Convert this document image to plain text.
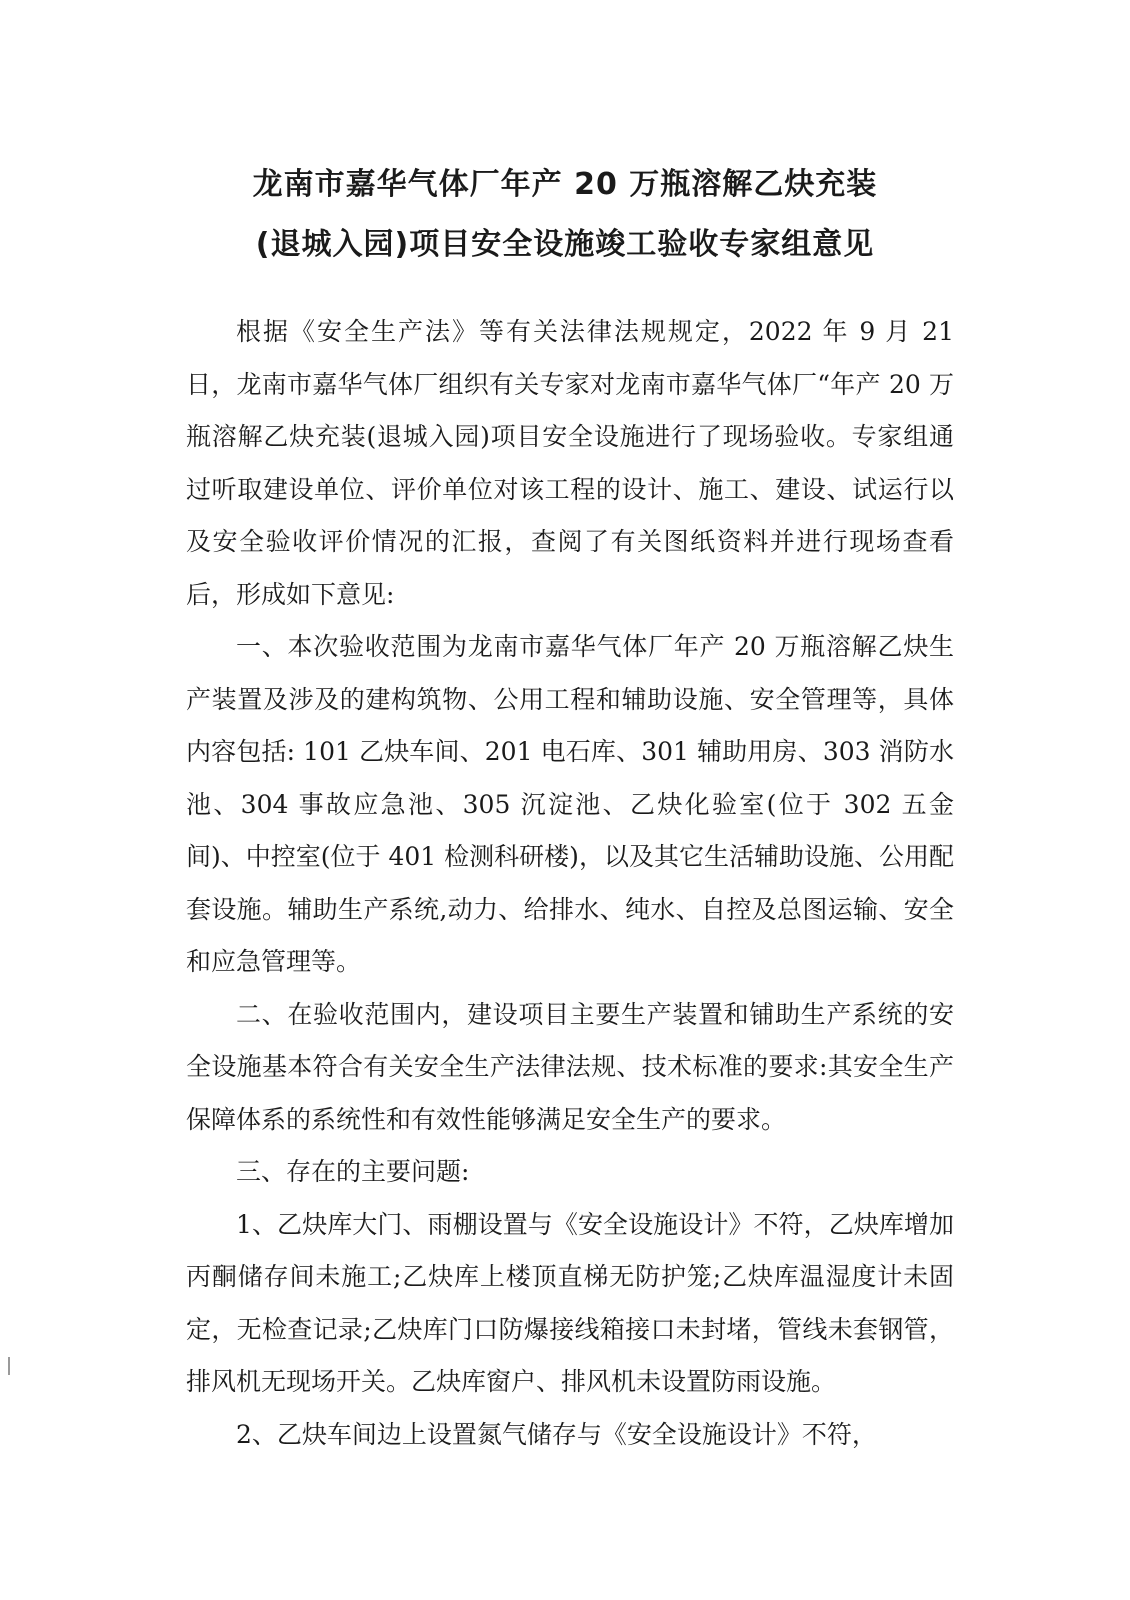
龙南市嘉华气体厂年产 20 万瓶溶解乙炔充装
(退城入园)项目安全设施竣工验收专家组意见

根据《安全生产法》等有关法律法规规定，2022 年 9 月 21 日，龙南市嘉华气体厂组织有关专家对龙南市嘉华气体厂“年产 20 万瓶溶解乙炔充装(退城入园)项目安全设施进行了现场验收。专家组通过听取建设单位、评价单位对该工程的设计、施工、建设、试运行以及安全验收评价情况的汇报，查阅了有关图纸资料并进行现场查看后，形成如下意见:

一、本次验收范围为龙南市嘉华气体厂年产 20 万瓶溶解乙炔生产装置及涉及的建构筑物、公用工程和辅助设施、安全管理等，具体内容包括: 101 乙炔车间、201 电石库、301 辅助用房、303 消防水池、304 事故应急池、305 沉淀池、乙炔化验室(位于 302 五金间)、中控室(位于 401 检测科研楼)，以及其它生活辅助设施、公用配套设施。辅助生产系统,动力、给排水、纯水、自控及总图运输、安全和应急管理等。

二、在验收范围内，建设项目主要生产装置和铺助生产系统的安全设施基本符合有关安全生产法律法规、技术标准的要求:其安全生产保障体系的系统性和有效性能够满足安全生产的要求。

三、存在的主要问题:

1、乙炔库大门、雨棚设置与《安全设施设计》不符，乙炔库增加丙酮储存间未施工;乙炔库上楼顶直梯无防护笼;乙炔库温湿度计未固定，无检查记录;乙炔库门口防爆接线箱接口未封堵，管线未套钢管，排风机无现场开关。乙炔库窗户、排风机未设置防雨设施。

2、乙炔车间边上设置氮气储存与《安全设施设计》不符，
